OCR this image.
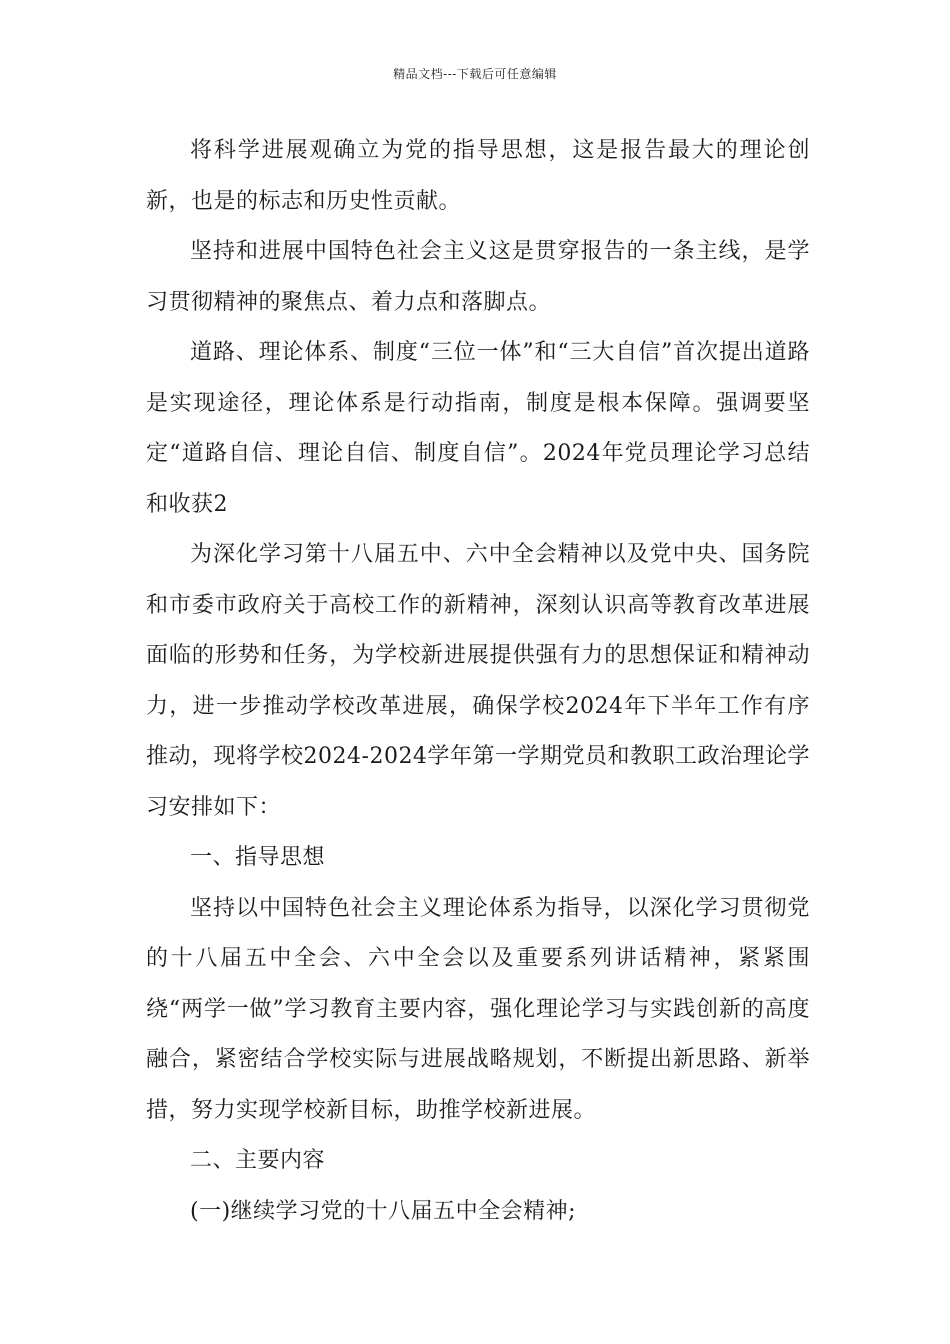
精品文档---下载后可任意编辑

将科学进展观确立为党的指导思想，这是报告最大的理论创新，也是的标志和历史性贡献。

坚持和进展中国特色社会主义这是贯穿报告的一条主线，是学习贯彻精神的聚焦点、着力点和落脚点。

道路、理论体系、制度“三位一体”和“三大自信”首次提出道路是实现途径，理论体系是行动指南，制度是根本保障。强调要坚定“道路自信、理论自信、制度自信”。2024年党员理论学习总结和收获2

为深化学习第十八届五中、六中全会精神以及党中央、国务院和市委市政府关于高校工作的新精神，深刻认识高等教育改革进展面临的形势和任务，为学校新进展提供强有力的思想保证和精神动力，进一步推动学校改革进展，确保学校2024年下半年工作有序推动，现将学校2024-2024学年第一学期党员和教职工政治理论学习安排如下：

一、指导思想

坚持以中国特色社会主义理论体系为指导，以深化学习贯彻党的十八届五中全会、六中全会以及重要系列讲话精神，紧紧围绕“两学一做”学习教育主要内容，强化理论学习与实践创新的高度融合，紧密结合学校实际与进展战略规划，不断提出新思路、新举措，努力实现学校新目标，助推学校新进展。

二、主要内容

(一)继续学习党的十八届五中全会精神;
